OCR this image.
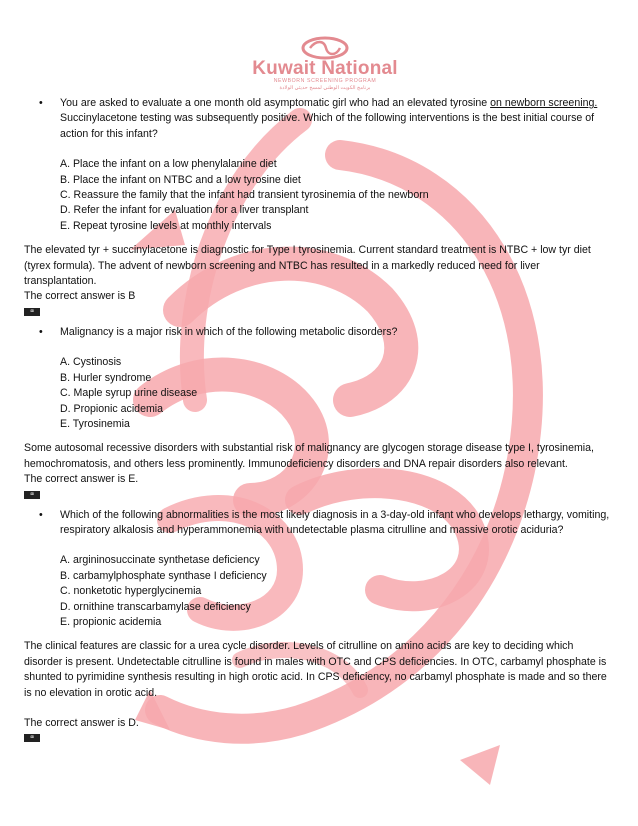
Kuwait National
NEWBORN SCREENING PROGRAM
برنامج الكويت الوطني لمسح حديثي الولادة
•	You are asked to evaluate a one month old asymptomatic girl who had an elevated tyrosine on newborn screening. Succinylacetone testing was subsequently positive. Which of the following interventions is the best initial course of action for this infant?
A. Place the infant on a low phenylalanine diet
B. Place the infant on NTBC and a low tyrosine diet
C. Reassure the family that the infant had transient tyrosinemia of the newborn
D. Refer the infant for evaluation for a liver transplant
E. Repeat tyrosine levels at monthly intervals

The elevated tyr + succinylacetone is diagnostic for Type I tyrosinemia. Current standard treatment is NTBC + low tyr diet (tyrex formula). The advent of newborn screening and NTBC has resulted in a markedly reduced need for liver transplantation.

The correct answer is B

⌧
•	Malignancy is a major risk in which of the following metabolic disorders?
A. Cystinosis
B. Hurler syndrome
C. Maple syrup urine disease
D. Propionic acidemia
E. Tyrosinemia

Some autosomal recessive disorders with substantial risk of malignancy are glycogen storage disease type I, tyrosinemia, hemochromatosis, and others less prominently. Immunodeficiency disorders and DNA repair disorders also relevant.

The correct answer is E.

⌧
•	Which of the following abnormalities is the most likely diagnosis in a 3-day-old infant who develops lethargy, vomiting, respiratory alkalosis and hyperammonemia with undetectable plasma citrulline and massive orotic aciduria?
A. argininosuccinate synthetase deficiency
B. carbamylphosphate synthase I deficiency
C. nonketotic hyperglycinemia
D. ornithine transcarbamylase deficiency
E. propionic acidemia

The clinical features are classic for a urea cycle disorder. Levels of citrulline on amino acids are key to deciding which disorder is present. Undetectable citrulline is found in males with OTC and CPS deficiencies. In OTC, carbamyl phosphate is shunted to pyrimidine synthesis resulting in high orotic acid. In CPS deficiency, no carbamyl phosphate is made and so there is no elevation in orotic acid.

The correct answer is D.

⌧
